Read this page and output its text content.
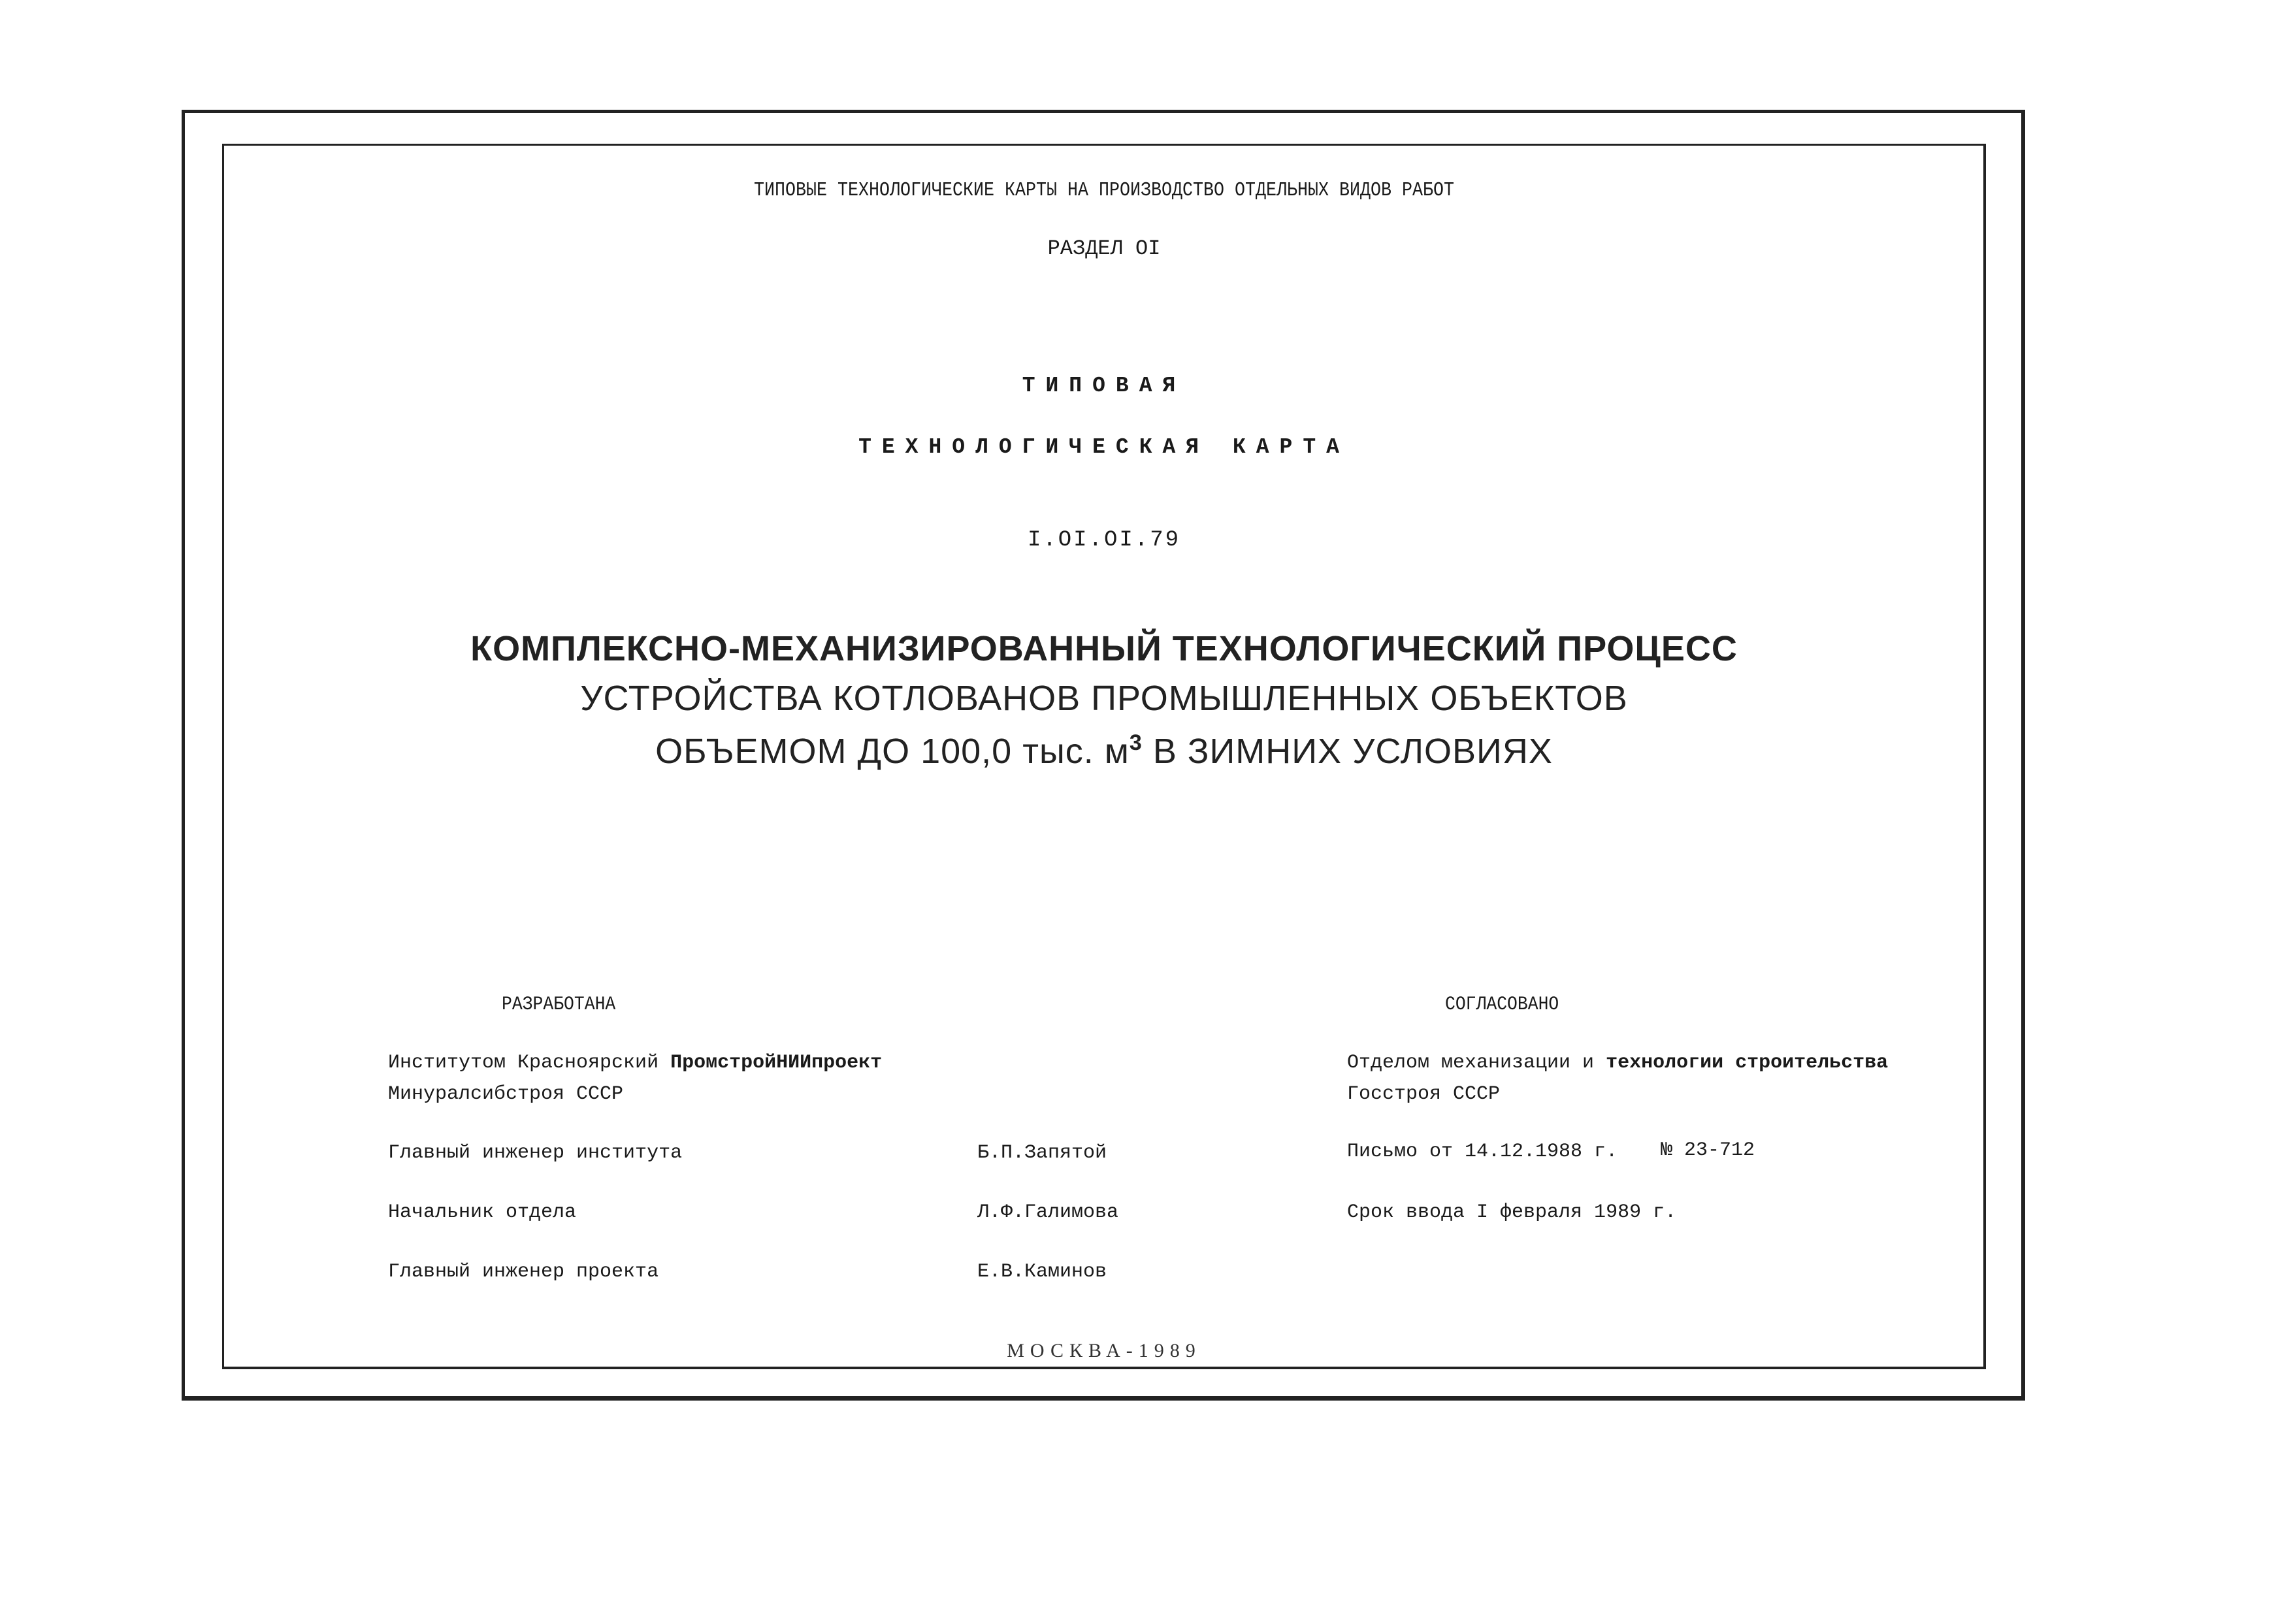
ТИПОВЫЕ ТЕХНОЛОГИЧЕСКИЕ КАРТЫ НА ПРОИЗВОДСТВО ОТДЕЛЬНЫХ ВИДОВ РАБОТ
РАЗДЕЛ OI
ТИПОВАЯ
ТЕХНОЛОГИЧЕСКАЯ КАРТА
I.OI.OI.79
КОМПЛЕКСНО-МЕХАНИЗИРОВАННЫЙ ТЕХНОЛОГИЧЕСКИЙ ПРОЦЕСС
УСТРОЙСТВА КОТЛОВАНОВ ПРОМЫШЛЕННЫХ ОБЪЕКТОВ
ОБЪЕМОМ ДО 100,0 тыс. $м^3$ В ЗИМНИХ УСЛОВИЯХ
РАЗРАБОТАНА
Институтом Красноярский ПромстройНИИпроект
Минуралсибстроя СССР
Главный инженер института	Б.П.Запятой
Начальник отдела	Л.Ф.Галимова
Главный инженер проекта	Е.В.Каминов
СОГЛАСОВАНО
Отделом механизации и технологии строительства
Госстроя СССР
Письмо от 14.12.1988 г. № 23-712
Срок ввода I февраля 1989 г.
МОСКВА-1989
